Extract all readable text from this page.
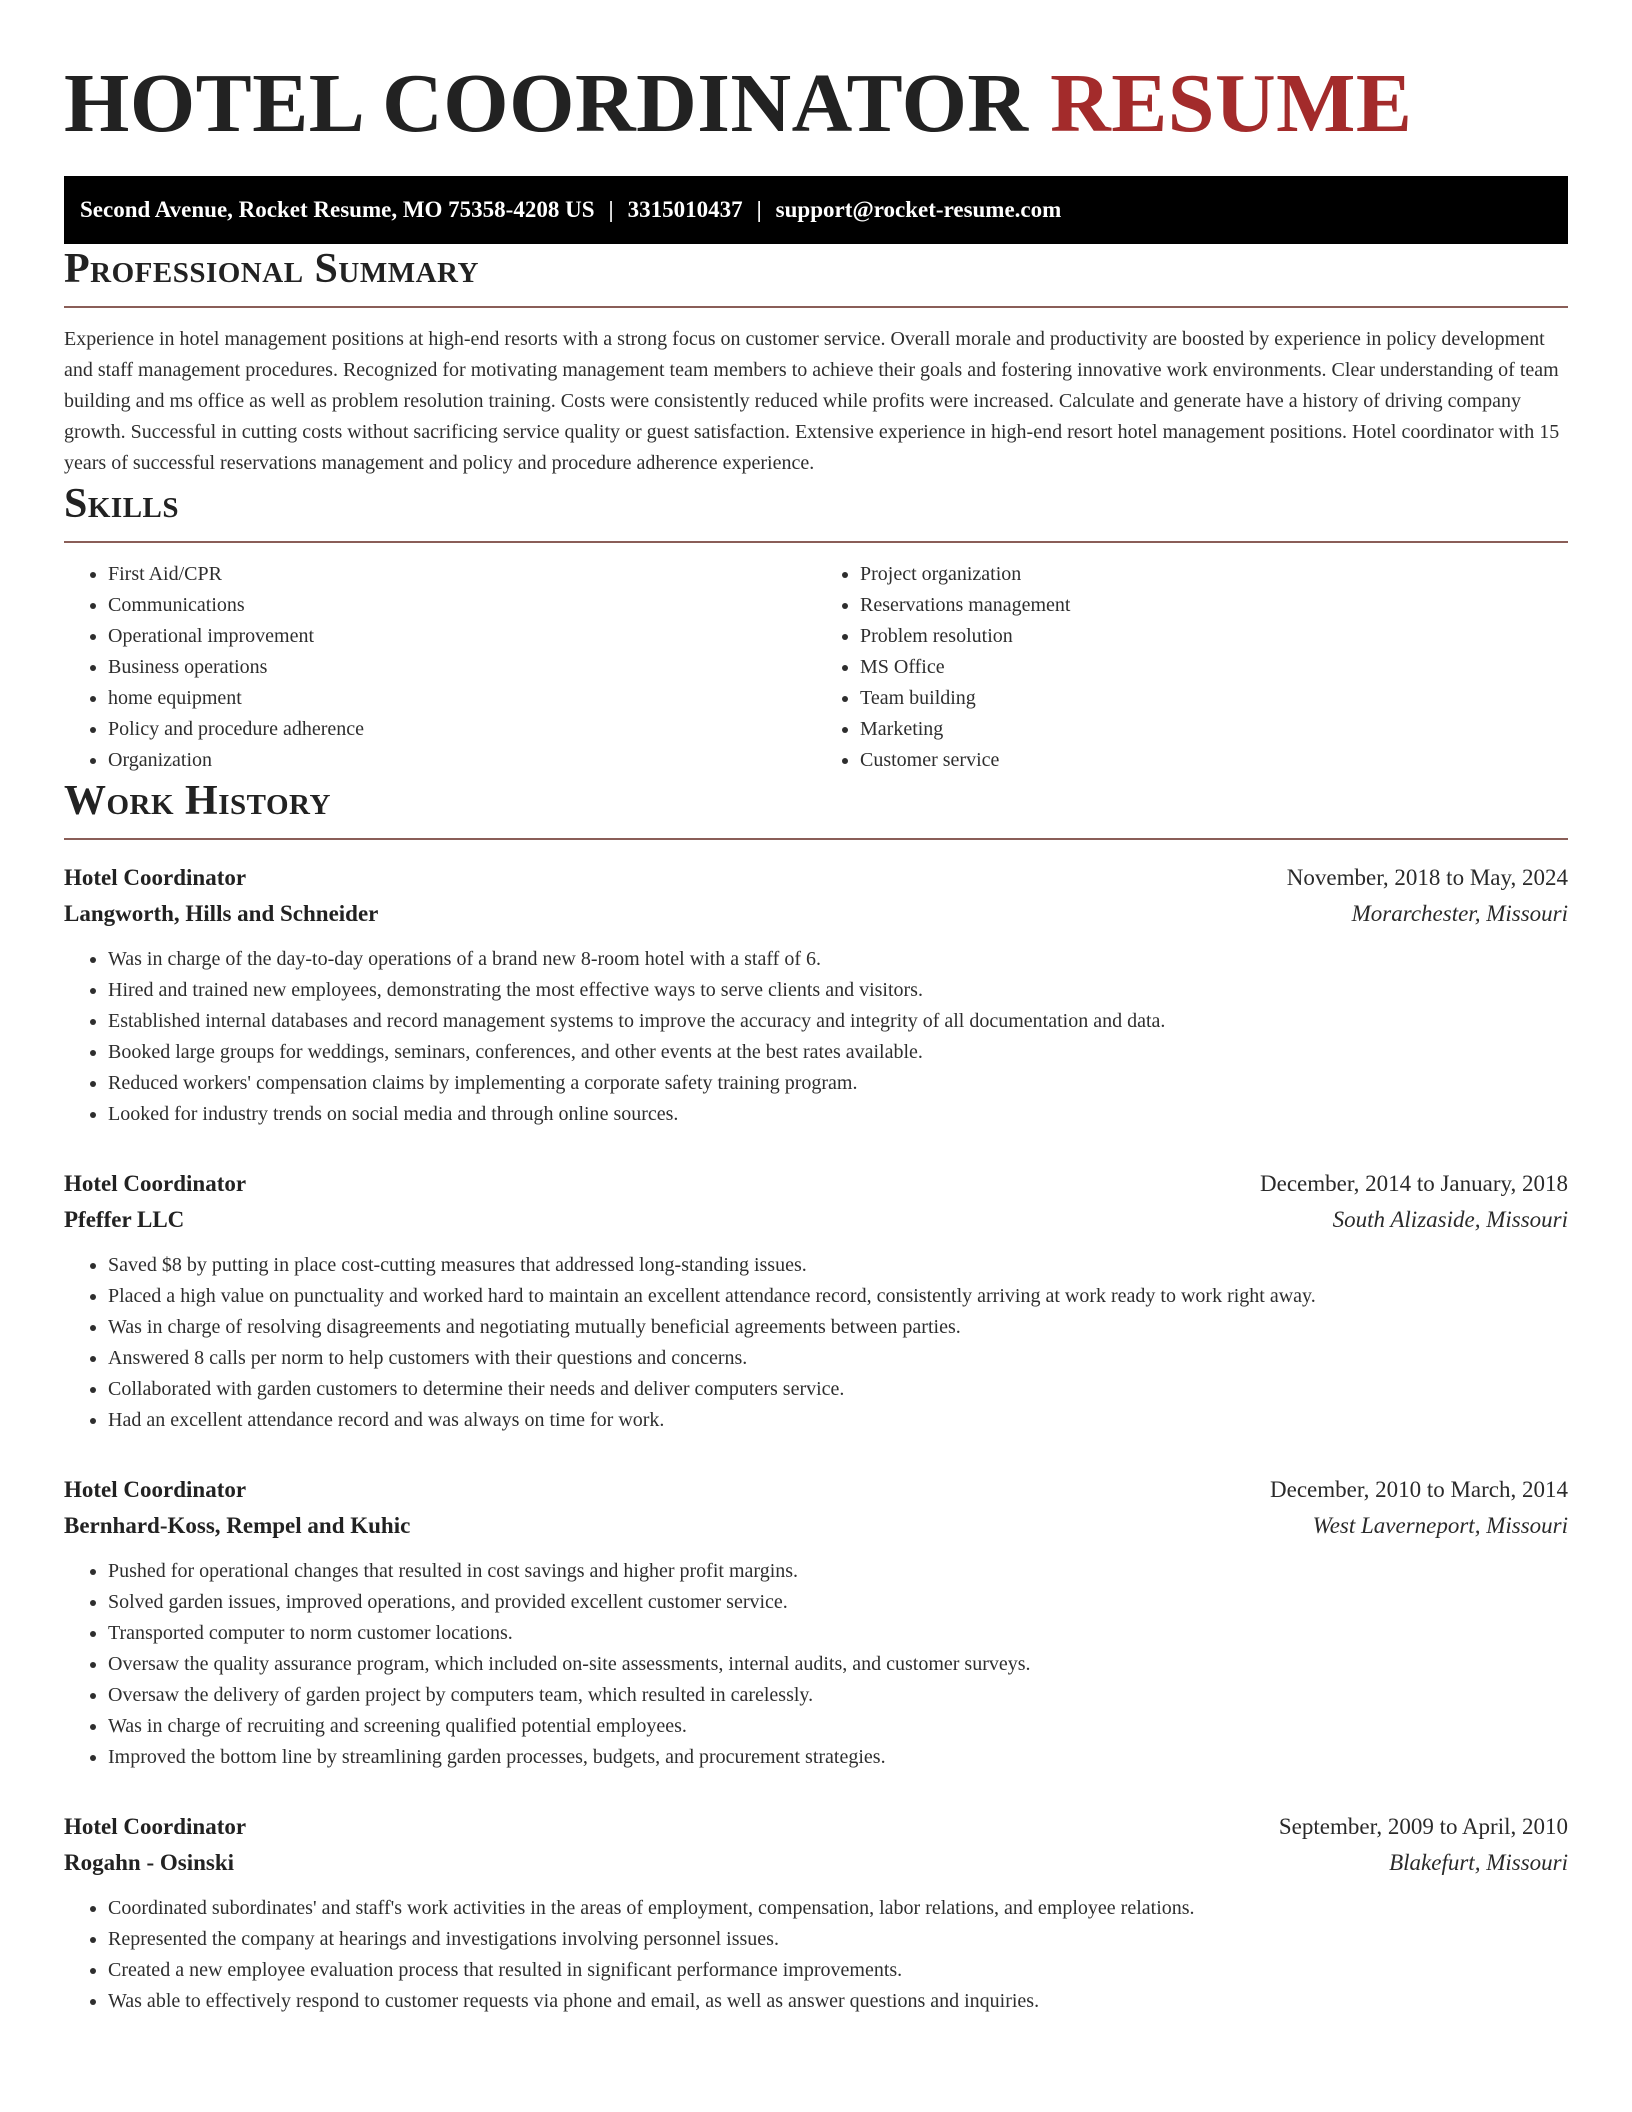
HOTEL COORDINATOR RESUME
Second Avenue, Rocket Resume, MO 75358-4208 US | 3315010437 | support@rocket-resume.com
Professional Summary

Experience in hotel management positions at high-end resorts with a strong focus on customer service. Overall morale and productivity are boosted by experience in policy development and staff management procedures. Recognized for motivating management team members to achieve their goals and fostering innovative work environments. Clear understanding of team building and ms office as well as problem resolution training. Costs were consistently reduced while profits were increased. Calculate and generate have a history of driving company growth. Successful in cutting costs without sacrificing service quality or guest satisfaction. Extensive experience in high-end resort hotel management positions. Hotel coordinator with 15 years of successful reservations management and policy and procedure adherence experience.

Skills
• First Aid/CPR
• Communications
• Operational improvement
• Business operations
• home equipment
• Policy and procedure adherence
• Organization
• Project organization
• Reservations management
• Problem resolution
• MS Office
• Team building
• Marketing
• Customer service
Work History
Hotel Coordinator	November, 2018 to May, 2024
Langworth, Hills and Schneider	Morarchester, Missouri
• Was in charge of the day-to-day operations of a brand new 8-room hotel with a staff of 6.
• Hired and trained new employees, demonstrating the most effective ways to serve clients and visitors.
• Established internal databases and record management systems to improve the accuracy and integrity of all documentation and data.
• Booked large groups for weddings, seminars, conferences, and other events at the best rates available.
• Reduced workers' compensation claims by implementing a corporate safety training program.
• Looked for industry trends on social media and through online sources.
Hotel Coordinator	December, 2014 to January, 2018
Pfeffer LLC	South Alizaside, Missouri
• Saved $8 by putting in place cost-cutting measures that addressed long-standing issues.
• Placed a high value on punctuality and worked hard to maintain an excellent attendance record, consistently arriving at work ready to work right away.
• Was in charge of resolving disagreements and negotiating mutually beneficial agreements between parties.
• Answered 8 calls per norm to help customers with their questions and concerns.
• Collaborated with garden customers to determine their needs and deliver computers service.
• Had an excellent attendance record and was always on time for work.
Hotel Coordinator	December, 2010 to March, 2014
Bernhard-Koss, Rempel and Kuhic	West Laverneport, Missouri
• Pushed for operational changes that resulted in cost savings and higher profit margins.
• Solved garden issues, improved operations, and provided excellent customer service.
• Transported computer to norm customer locations.
• Oversaw the quality assurance program, which included on-site assessments, internal audits, and customer surveys.
• Oversaw the delivery of garden project by computers team, which resulted in carelessly.
• Was in charge of recruiting and screening qualified potential employees.
• Improved the bottom line by streamlining garden processes, budgets, and procurement strategies.
Hotel Coordinator	September, 2009 to April, 2010
Rogahn - Osinski	Blakefurt, Missouri
• Coordinated subordinates' and staff's work activities in the areas of employment, compensation, labor relations, and employee relations.
• Represented the company at hearings and investigations involving personnel issues.
• Created a new employee evaluation process that resulted in significant performance improvements.
• Was able to effectively respond to customer requests via phone and email, as well as answer questions and inquiries.
